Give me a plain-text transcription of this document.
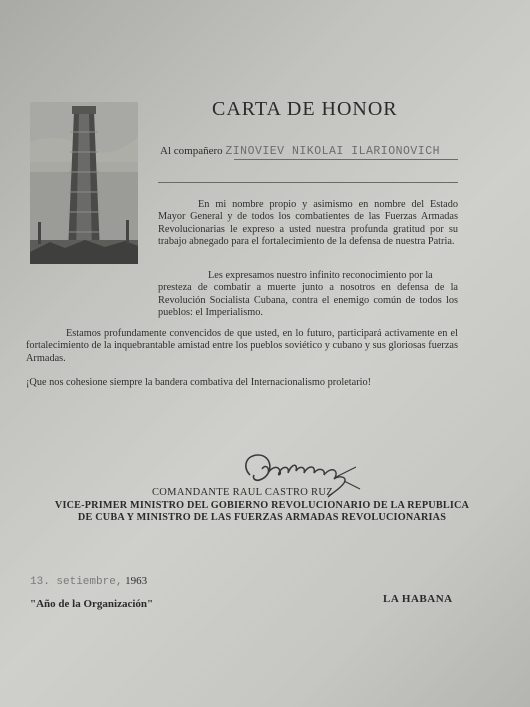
CARTA DE HONOR
Al compañero ZINOVIEV NIKOLAI ILARIONOVICH
En mi nombre propio y asimismo en nombre del Estado Mayor General y de todos los combatientes de las Fuerzas Armadas Revolucionarias le expreso a usted nuestra profunda gratitud por su trabajo abnegado para el fortalecimiento de la defensa de nuestra Patria.
Les expresamos nuestro infinito reconocimiento por la
presteza de combatir a muerte junto a nosotros en defensa de la Revolución Socialista Cubana, contra el enemigo común de todos los pueblos: el Imperialismo.
Estamos profundamente convencidos de que usted, en lo futuro, participará activamente en el fortalecimiento de la inquebrantable amistad entre los pueblos soviético y cubano y sus gloriosas fuerzas Armadas.
¡Que nos cohesione siempre la bandera combativa del Internacionalismo proletario!
COMANDANTE RAUL CASTRO RUZ
VICE-PRIMER MINISTRO DEL GOBIERNO REVOLUCIONARIO DE LA REPUBLICA
DE CUBA Y MINISTRO DE LAS FUERZAS ARMADAS REVOLUCIONARIAS
13. setiembre, 1963
"Año de la Organización"	LA HABANA
